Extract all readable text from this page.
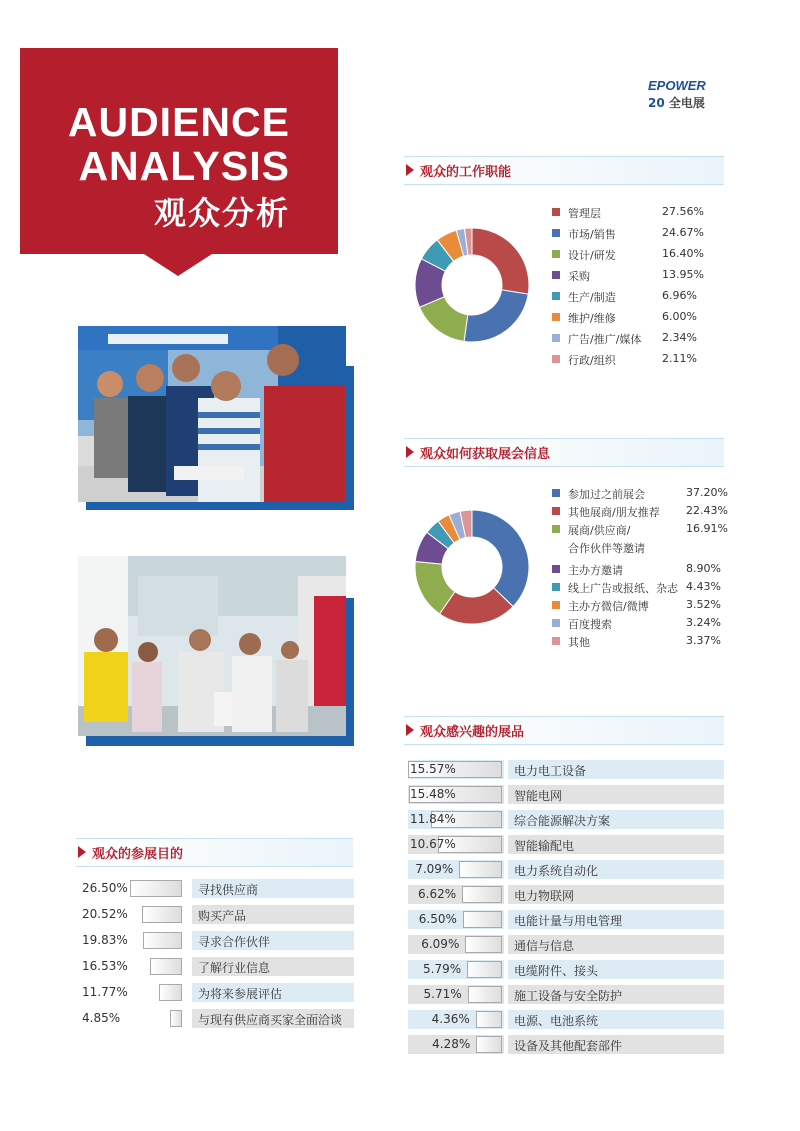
AUDIENCE
ANALYSIS
观众分析
EPOWER
20 全电展
观众的工作职能
观众如何获取展会信息
观众感兴趣的展品
观众的参展目的
管理层	27.56%
市场/销售	24.67%
设计/研发	16.40%
采购	13.95%
生产/制造	6.96%
维护/维修	6.00%
广告/推广/媒体 2.34%
行政/组织	2.11%
参加过之前展会	37.20%
其他展商/朋友推荐 22.43%
展商/供应商/	16.91%
合作伙伴等邀请
主办方邀请	8.90%
线上广告或报纸、杂志 4.43%
主办方微信/微博	3.52%
百度搜索	3.24%
其他	3.37%
15.57%	电力电工设备
15.48%	智能电网
11.84%	综合能源解决方案
10.67%	智能输配电
7.09%	电力系统自动化
6.62%	电力物联网
6.50%	电能计量与用电管理
6.09%	通信与信息
5.79%	电缆附件、接头
5.71%	施工设备与安全防护
4.36%	电源、电池系统
4.28%	设备及其他配套部件
26.50%	寻找供应商
20.52%	购买产品
19.83%	寻求合作伙伴
16.53%	了解行业信息
11.77%	为将来参展评估
4.85%	与现有供应商买家全面洽谈
